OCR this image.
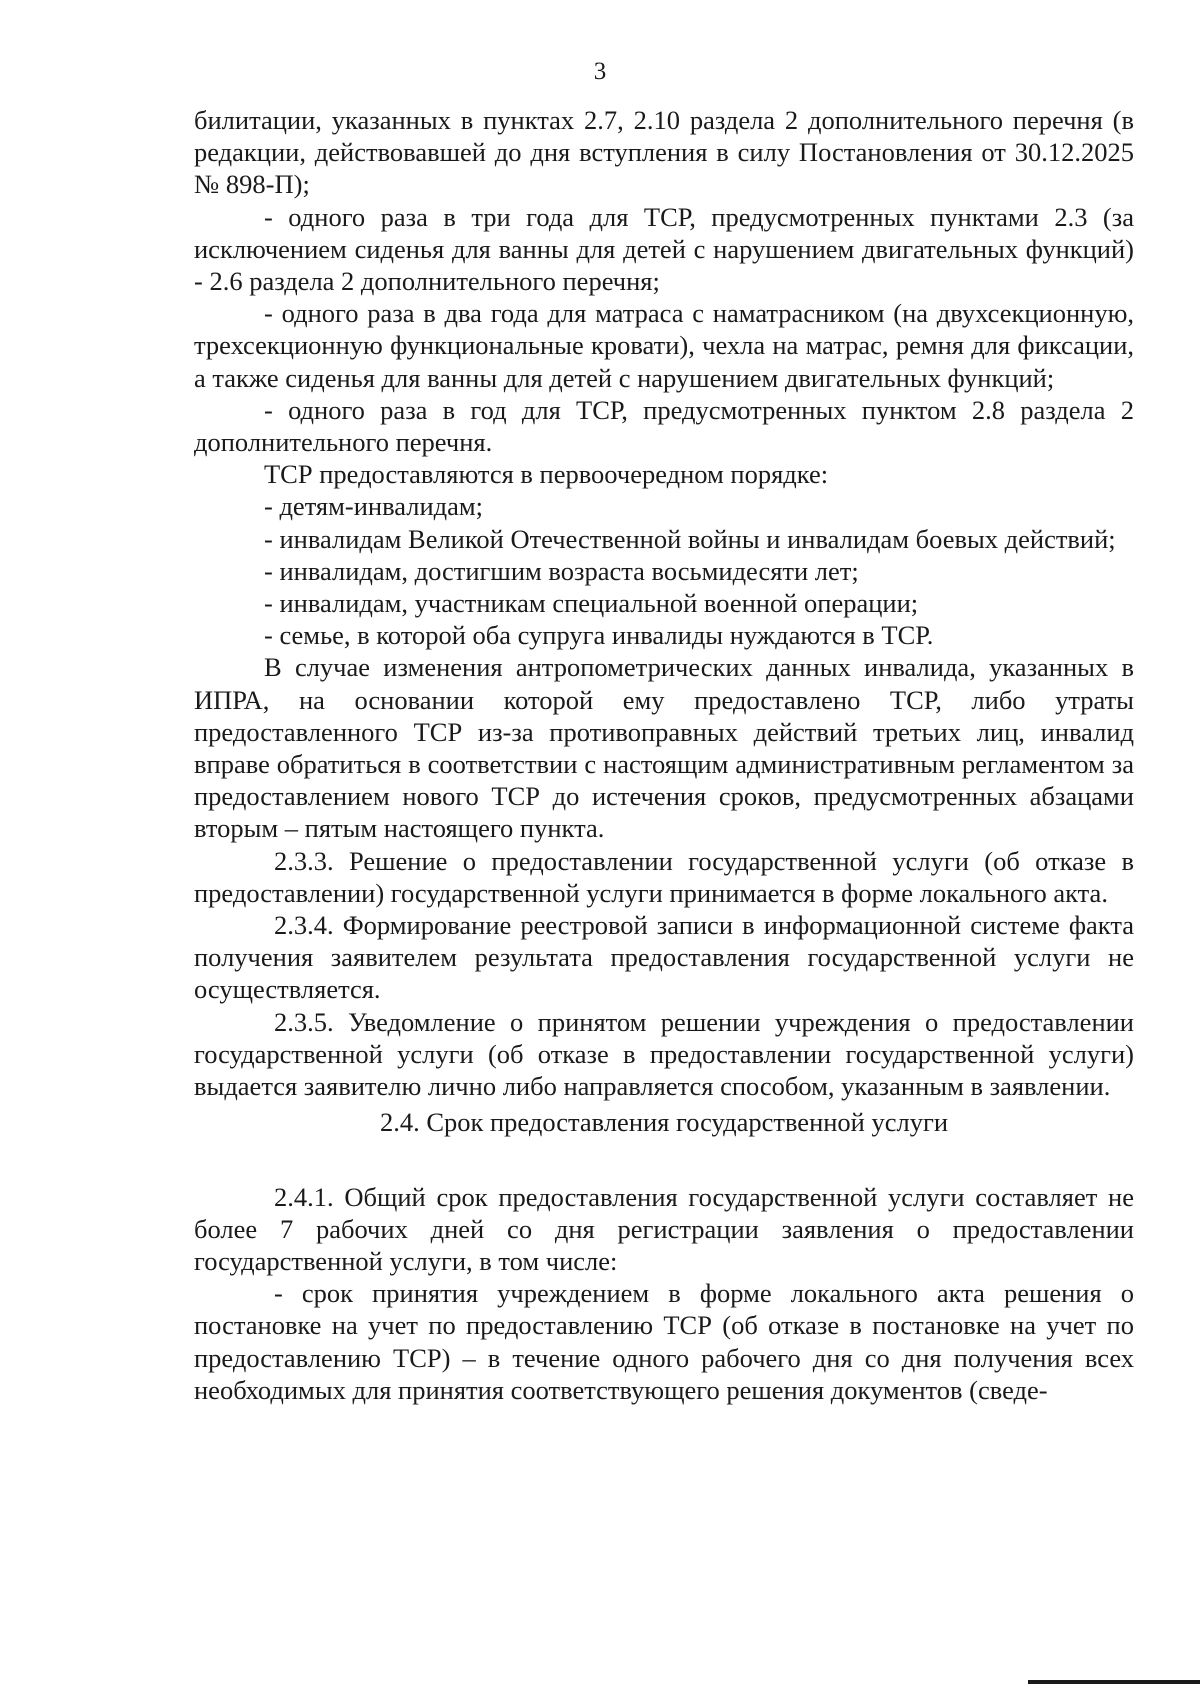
3

билитации, указанных в пунктах 2.7, 2.10 раздела 2 дополнительного перечня (в редакции, действовавшей до дня вступления в силу Постановления от 30.12.2025 № 898-П);

- одного раза в три года для ТСР, предусмотренных пунктами 2.3 (за исключением сиденья для ванны для детей с нарушением двигательных функций) - 2.6 раздела 2 дополнительного перечня;

- одного раза в два года для матраса с наматрасником (на двухсекционную, трехсекционную функциональные кровати), чехла на матрас, ремня для фиксации, а также сиденья для ванны для детей с нарушением двигательных функций;

- одного раза в год для ТСР, предусмотренных пунктом 2.8 раздела 2 дополнительного перечня.

ТСР предоставляются в первоочередном порядке:

- детям-инвалидам;

- инвалидам Великой Отечественной войны и инвалидам боевых действий;

- инвалидам, достигшим возраста восьмидесяти лет;

- инвалидам, участникам специальной военной операции;

- семье, в которой оба супруга инвалиды нуждаются в ТСР.

В случае изменения антропометрических данных инвалида, указанных в ИПРА, на основании которой ему предоставлено ТСР, либо утраты предоставленного ТСР из-за противоправных действий третьих лиц, инвалид вправе обратиться в соответствии с настоящим административным регламентом за предоставлением нового ТСР до истечения сроков, предусмотренных абзацами вторым – пятым настоящего пункта.

2.3.3. Решение о предоставлении государственной услуги (об отказе в предоставлении) государственной услуги принимается в форме локального акта.

2.3.4. Формирование реестровой записи в информационной системе факта получения заявителем результата предоставления государственной услуги не осуществляется.

2.3.5. Уведомление о принятом решении учреждения о предоставлении государственной услуги (об отказе в предоставлении государственной услуги) выдается заявителю лично либо направляется способом, указанным в заявлении.

2.4. Срок предоставления государственной услуги

2.4.1. Общий срок предоставления государственной услуги составляет не более 7 рабочих дней со дня регистрации заявления о предоставлении государственной услуги, в том числе:

- срок принятия учреждением в форме локального акта решения о постановке на учет по предоставлению ТСР (об отказе в постановке на учет по предоставлению ТСР) – в течение одного рабочего дня со дня получения всех необходимых для принятия соответствующего решения документов (сведе-
